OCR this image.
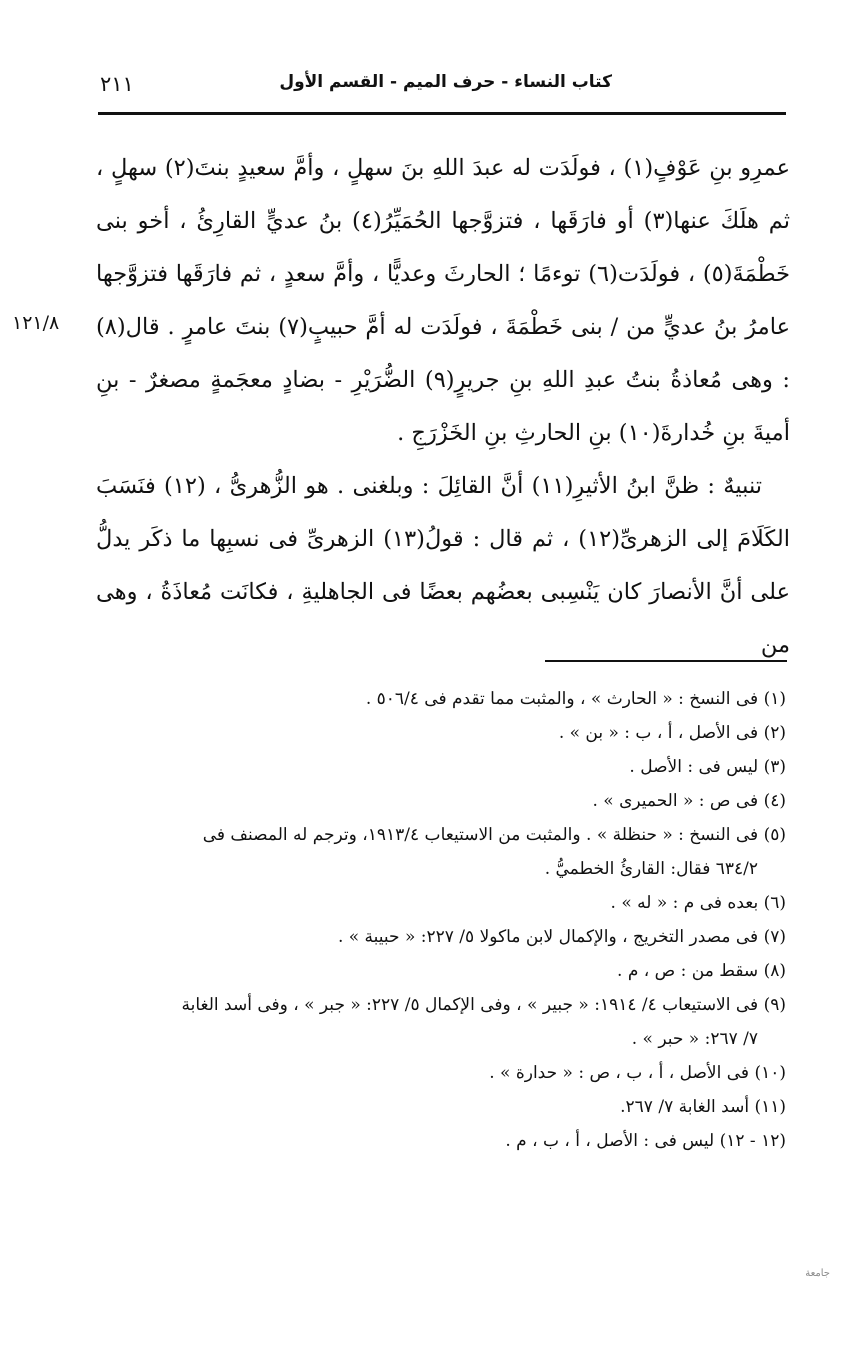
كتاب النساء - حرف الميم - القسم الأول
٢١١
١٢١/٨

عمرِو بنِ عَوْفٍ(١) ، فولَدَت له عبدَ اللهِ بنَ سهلٍ ، وأمَّ سعيدٍ بنتَ(٢) سهلٍ ، ثم هلَكَ عنها(٣) أو فارَقَها ، فتزوَّجها الحُمَيِّرُ(٤) بنُ عديٍّ القارِئُ ، أخو بنى خَطْمَةَ(٥) ، فولَدَت(٦) توءمًا ؛ الحارثَ وعديًّا ، وأمَّ سعدٍ ، ثم فارَقَها فتزوَّجها عامرُ بنُ عديٍّ من / بنى خَطْمَةَ ، فولَدَت له أمَّ حبيبٍ(٧) بنتَ عامرٍ . قال(٨) : وهى مُعاذةُ بنتُ عبدِ اللهِ بنِ جريرٍ(٩) الضُّرَيْرِ - بضادٍ معجَمةٍ مصغرٌ - بنِ أميةَ بنِ خُدارةَ(١٠) بنِ الحارثِ بنِ الخَزْرَجِ .

تنبيهٌ : ظنَّ ابنُ الأثيرِ(١١) أنَّ القائِلَ : وبلغنى . هو الزُّهرىُّ ، (١٢) فنَسَبَ الكَلَامَ إلى الزهرىِّ(١٢) ، ثم قال : قولُ(١٣) الزهرىِّ فى نسبِها ما ذكَر يدلُّ على أنَّ الأنصارَ كان يَنْسِبى بعضُهم بعضًا فى الجاهليةِ ، فكانَت مُعاذَةُ ، وهى من

(١) فى النسخ : « الحارث » ، والمثبت مما تقدم فى ٥٠٦/٤ .

(٢) فى الأصل ، أ ، ب : « بن » .

(٣) ليس فى : الأصل .

(٤) فى ص : « الحميرى » .

(٥) فى النسخ : « حنظلة » . والمثبت من الاستيعاب ١٩١٣/٤، وترجم له المصنف فى

٦٣٤/٢ فقال: القارئُ الخطميُّ .

(٦) بعده فى م : « له » .

(٧) فى مصدر التخريج ، والإكمال لابن ماكولا ٥/ ٢٢٧: « حبيبة » .

(٨) سقط من : ص ، م .

(٩) فى الاستيعاب ٤/ ١٩١٤: « جبير » ، وفى الإكمال ٥/ ٢٢٧: « جبر » ، وفى أسد الغابة

٧/ ٢٦٧: « حبر » .

(١٠) فى الأصل ، أ ، ب ، ص : « حدارة » .

(١١) أسد الغابة ٧/ ٢٦٧.

(١٢ - ١٢) ليس فى : الأصل ، أ ، ب ، م .

جامعة
